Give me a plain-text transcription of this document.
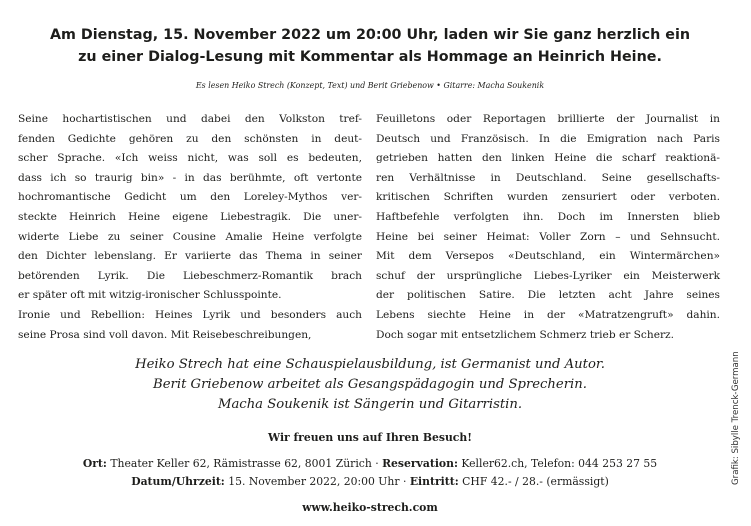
Am Dienstag, 15. November 2022 um 20:00 Uhr, laden wir Sie ganz herzlich ein
zu einer Dialog-Lesung mit Kommentar als Hommage an Heinrich Heine.
Es lesen Heiko Strech (Konzept, Text) und Berit Griebenow • Gitarre: Macha Soukenik
Seine hochartistischen und dabei den Volkston tref-
fenden Gedichte gehören zu den schönsten in deut-
scher Sprache. «Ich weiss nicht, was soll es bedeuten,
dass ich so traurig bin» - in das berühmte, oft vertonte
hochromantische Gedicht um den Loreley-Mythos ver-
steckte Heinrich Heine eigene Liebestragik. Die uner-
widerte Liebe zu seiner Cousine Amalie Heine verfolgte
den Dichter lebenslang. Er variierte das Thema in seiner
betörenden Lyrik. Die Liebeschmerz-Romantik brach
er später oft mit witzig-ironischer Schlusspointe.
Ironie und Rebellion: Heines Lyrik und besonders auch
seine Prosa sind voll davon. Mit Reisebeschreibungen,
Feuilletons oder Reportagen brillierte der Journalist in
Deutsch und Französisch. In die Emigration nach Paris
getrieben hatten den linken Heine die scharf reaktionä-
ren Verhältnisse in Deutschland. Seine gesellschafts-
kritischen Schriften wurden zensuriert oder verboten.
Haftbefehle verfolgten ihn. Doch im Innersten blieb
Heine bei seiner Heimat: Voller Zorn – und Sehnsucht.
Mit dem Versepos «Deutschland, ein Wintermärchen»
schuf der ursprüngliche Liebes-Lyriker ein Meisterwerk
der politischen Satire. Die letzten acht Jahre seines
Lebens siechte Heine in der «Matratzengruft» dahin.
Doch sogar mit entsetzlichem Schmerz trieb er Scherz.
Heiko Strech hat eine Schauspielausbildung, ist Germanist und Autor.
Berit Griebenow arbeitet als Gesangspädagogin und Sprecherin.
Macha Soukenik ist Sängerin und Gitarristin.
Wir freuen uns auf Ihren Besuch!
Ort: Theater Keller 62, Rämistrasse 62, 8001 Zürich · Reservation: Keller62.ch, Telefon: 044 253 27 55
Datum/Uhrzeit: 15. November 2022, 20:00 Uhr · Eintritt: CHF 42.- / 28.- (ermässigt)
www.heiko-strech.com
Grafik: Sibylle Trenck-Germann
